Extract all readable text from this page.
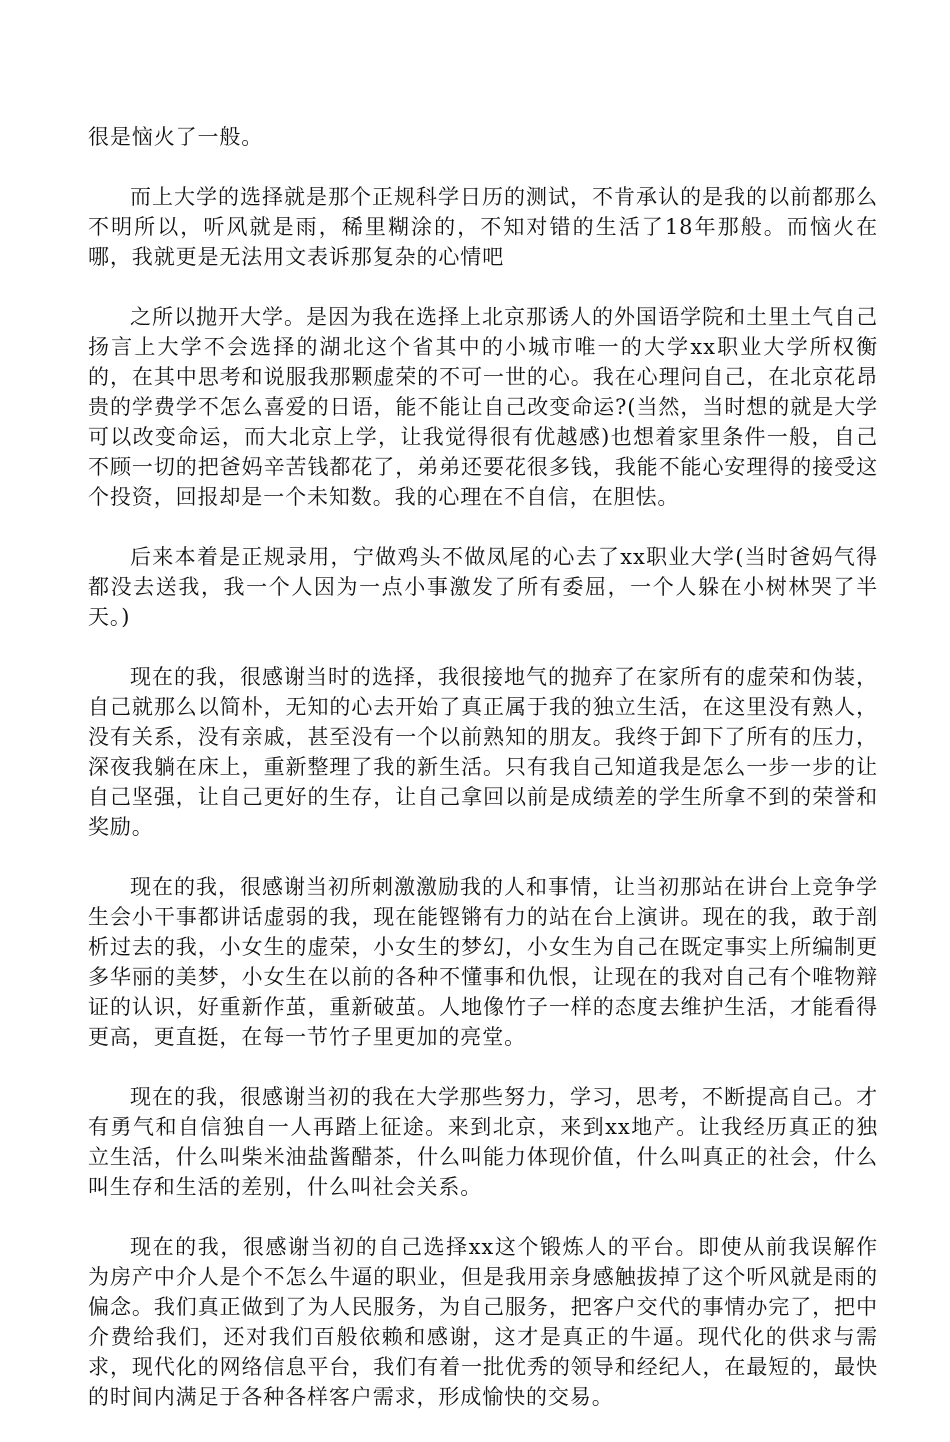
很是恼火了一般。

而上大学的选择就是那个正规科学日历的测试，不肯承认的是我的以前都那么不明所以，听风就是雨，稀里糊涂的，不知对错的生活了18年那般。而恼火在哪，我就更是无法用文表诉那复杂的心情吧

之所以抛开大学。是因为我在选择上北京那诱人的外国语学院和土里土气自己扬言上大学不会选择的湖北这个省其中的小城市唯一的大学xx职业大学所权衡的，在其中思考和说服我那颗虚荣的不可一世的心。我在心理问自己，在北京花昂贵的学费学不怎么喜爱的日语，能不能让自己改变命运?(当然，当时想的就是大学可以改变命运，而大北京上学，让我觉得很有优越感)也想着家里条件一般，自己不顾一切的把爸妈辛苦钱都花了，弟弟还要花很多钱，我能不能心安理得的接受这个投资，回报却是一个未知数。我的心理在不自信，在胆怯。

后来本着是正规录用，宁做鸡头不做凤尾的心去了xx职业大学(当时爸妈气得都没去送我，我一个人因为一点小事激发了所有委屈，一个人躲在小树林哭了半天。)

现在的我，很感谢当时的选择，我很接地气的抛弃了在家所有的虚荣和伪装，自己就那么以简朴，无知的心去开始了真正属于我的独立生活，在这里没有熟人，没有关系，没有亲戚，甚至没有一个以前熟知的朋友。我终于卸下了所有的压力，深夜我躺在床上，重新整理了我的新生活。只有我自己知道我是怎么一步一步的让自己坚强，让自己更好的生存，让自己拿回以前是成绩差的学生所拿不到的荣誉和奖励。

现在的我，很感谢当初所刺激激励我的人和事情，让当初那站在讲台上竞争学生会小干事都讲话虚弱的我，现在能铿锵有力的站在台上演讲。现在的我，敢于剖析过去的我，小女生的虚荣，小女生的梦幻，小女生为自己在既定事实上所编制更多华丽的美梦，小女生在以前的各种不懂事和仇恨，让现在的我对自己有个唯物辩证的认识，好重新作茧，重新破茧。人地像竹子一样的态度去维护生活，才能看得更高，更直挺，在每一节竹子里更加的亮堂。

现在的我，很感谢当初的我在大学那些努力，学习，思考，不断提高自己。才有勇气和自信独自一人再踏上征途。来到北京，来到xx地产。让我经历真正的独立生活，什么叫柴米油盐酱醋茶，什么叫能力体现价值，什么叫真正的社会，什么叫生存和生活的差别，什么叫社会关系。

现在的我，很感谢当初的自己选择xx这个锻炼人的平台。即使从前我误解作为房产中介人是个不怎么牛逼的职业，但是我用亲身感触拔掉了这个听风就是雨的偏念。我们真正做到了为人民服务，为自己服务，把客户交代的事情办完了，把中介费给我们，还对我们百般依赖和感谢，这才是真正的牛逼。现代化的供求与需求，现代化的网络信息平台，我们有着一批优秀的领导和经纪人，在最短的，最快的时间内满足于各种各样客户需求，形成愉快的交易。
